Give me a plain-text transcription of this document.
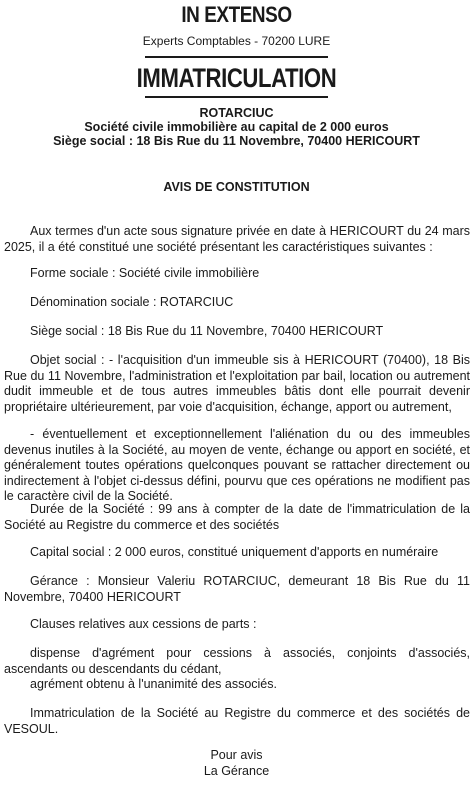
IN EXTENSO
Experts Comptables - 70200 LURE
IMMATRICULATION
ROTARCIUC
Société civile immobilière au capital de 2 000 euros
Siège social : 18 Bis Rue du 11 Novembre, 70400 HERICOURT
AVIS DE CONSTITUTION
Aux termes d'un acte sous signature privée en date à HERICOURT du 24 mars 2025, il a été constitué une société présentant les caractéristiques suivantes :
Forme sociale : Société civile immobilière
Dénomination sociale : ROTARCIUC
Siège social : 18 Bis Rue du 11 Novembre, 70400 HERICOURT
Objet social : - l'acquisition d'un immeuble sis à HERICOURT (70400), 18 Bis Rue du 11 Novembre, l'administration et l'exploitation par bail, location ou autrement dudit immeuble et de tous autres immeubles bâtis dont elle pourrait devenir propriétaire ultérieurement, par voie d'acquisition, échange, apport ou autrement,
- éventuellement et exceptionnellement l'aliénation du ou des immeubles devenus inutiles à la Société, au moyen de vente, échange ou apport en société, et généralement toutes opérations quelconques pouvant se rattacher directement ou indirectement à l'objet ci-dessus défini, pourvu que ces opérations ne modifient pas le caractère civil de la Société.
Durée de la Société : 99 ans à compter de la date de l'immatriculation de la Société au Registre du commerce et des sociétés
Capital social : 2 000 euros, constitué uniquement d'apports en numéraire
Gérance : Monsieur Valeriu ROTARCIUC, demeurant 18 Bis Rue du 11 Novembre, 70400 HERICOURT
Clauses relatives aux cessions de parts :
dispense d'agrément pour cessions à associés, conjoints d'associés, ascendants ou descendants du cédant,
agrément obtenu à l'unanimité des associés.
Immatriculation de la Société au Registre du commerce et des sociétés de VESOUL.
Pour avis
La Gérance
